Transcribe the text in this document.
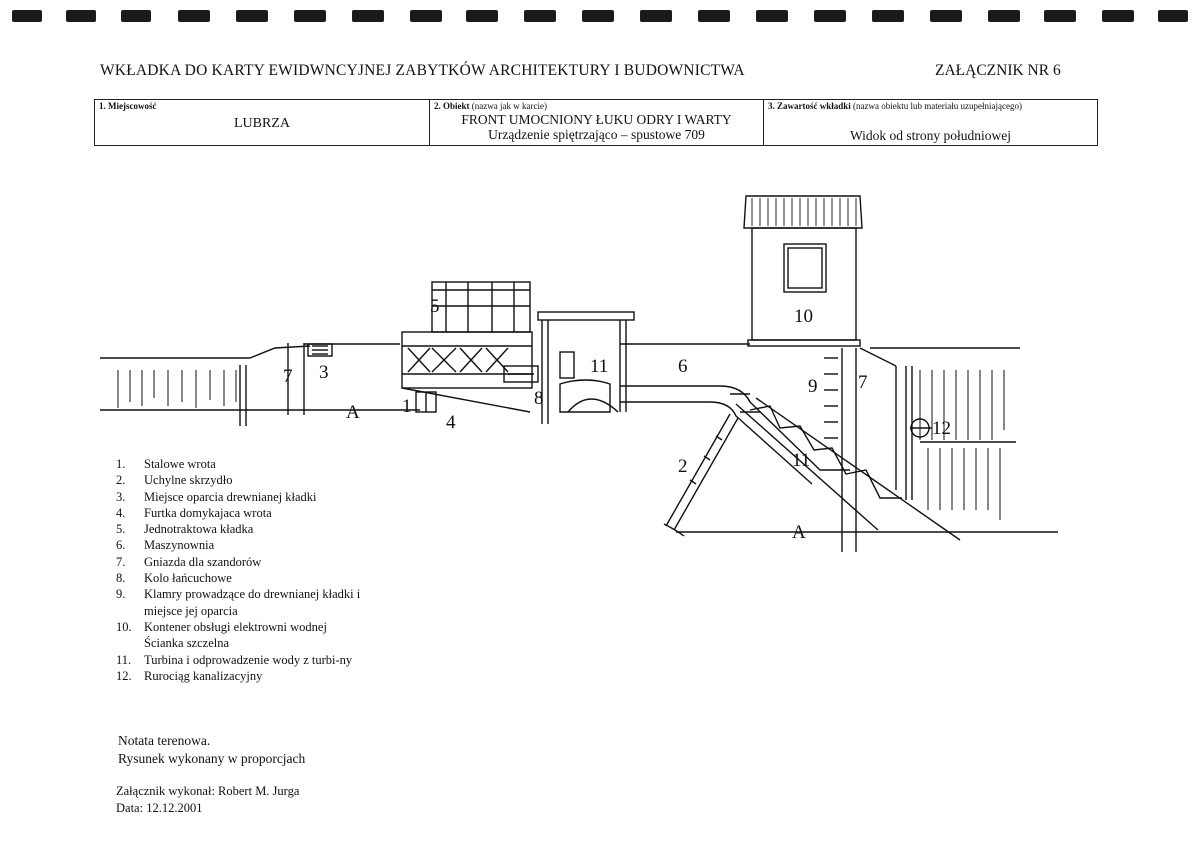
WKŁADKA DO KARTY EWIDWNCYJNEJ ZABYTKÓW ARCHITEKTURY I BUDOWNICTWA	ZAŁĄCZNIK NR 6
1. Miejscowość
LUBRZA

2. Obiekt (nazwa jak w karcie)
FRONT UMOCNIONY ŁUKU ODRY I WARTY
Urządzenie spiętrzająco – spustowe 709

3. Zawartość wkładki (nazwa obiektu lub materiału uzupełniającego)
Widok od strony południowej
7 3
5
1
4
A
8
11	6
2
10
9 7
11
12
A
1.	Stalowe wrota
2.	Uchylne skrzydło
3.	Miejsce oparcia drewnianej kładki
4.	Furtka domykajaca wrota
5.	Jednotraktowa kładka
6.	Maszynownia
7.	Gniazda dla szandorów
8.	Kolo łańcuchowe
9.	Klamry prowadzące do drewnianej kładki i miejsce jej oparcia
10. Kontener obsługi elektrowni wodnej Ścianka szczelna
11.	Turbina i odprowadzenie wody z turbi-ny
12. Rurociąg kanalizacyjny
Notata terenowa.
Rysunek wykonany w proporcjach
Załącznik wykonał: Robert M. Jurga
Data: 12.12.2001
